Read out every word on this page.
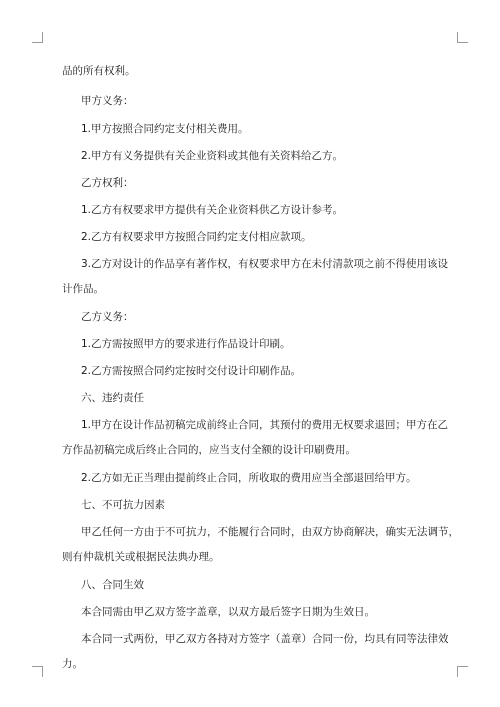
品的所有权利。
甲方义务：
1.甲方按照合同约定支付相关费用。
2.甲方有义务提供有关企业资料或其他有关资料给乙方。
乙方权利：
1.乙方有权要求甲方提供有关企业资料供乙方设计参考。
2.乙方有权要求甲方按照合同约定支付相应款项。
3.乙方对设计的作品享有著作权，有权要求甲方在未付清款项之前不得使用该设
计作品。
乙方义务：
1.乙方需按照甲方的要求进行作品设计印刷。
2.乙方需按照合同约定按时交付设计印刷作品。
六、违约责任
1.甲方在设计作品初稿完成前终止合同，其预付的费用无权要求退回；甲方在乙
方作品初稿完成后终止合同的，应当支付全额的设计印刷费用。
2.乙方如无正当理由提前终止合同，所收取的费用应当全部退回给甲方。
七、不可抗力因素
甲乙任何一方由于不可抗力，不能履行合同时，由双方协商解决，确实无法调节，
则有仲裁机关或根据民法典办理。
八、合同生效
本合同需由甲乙双方签字盖章，以双方最后签字日期为生效日。
本合同一式两份，甲乙双方各持对方签字（盖章）合同一份，均具有同等法律效
力。
